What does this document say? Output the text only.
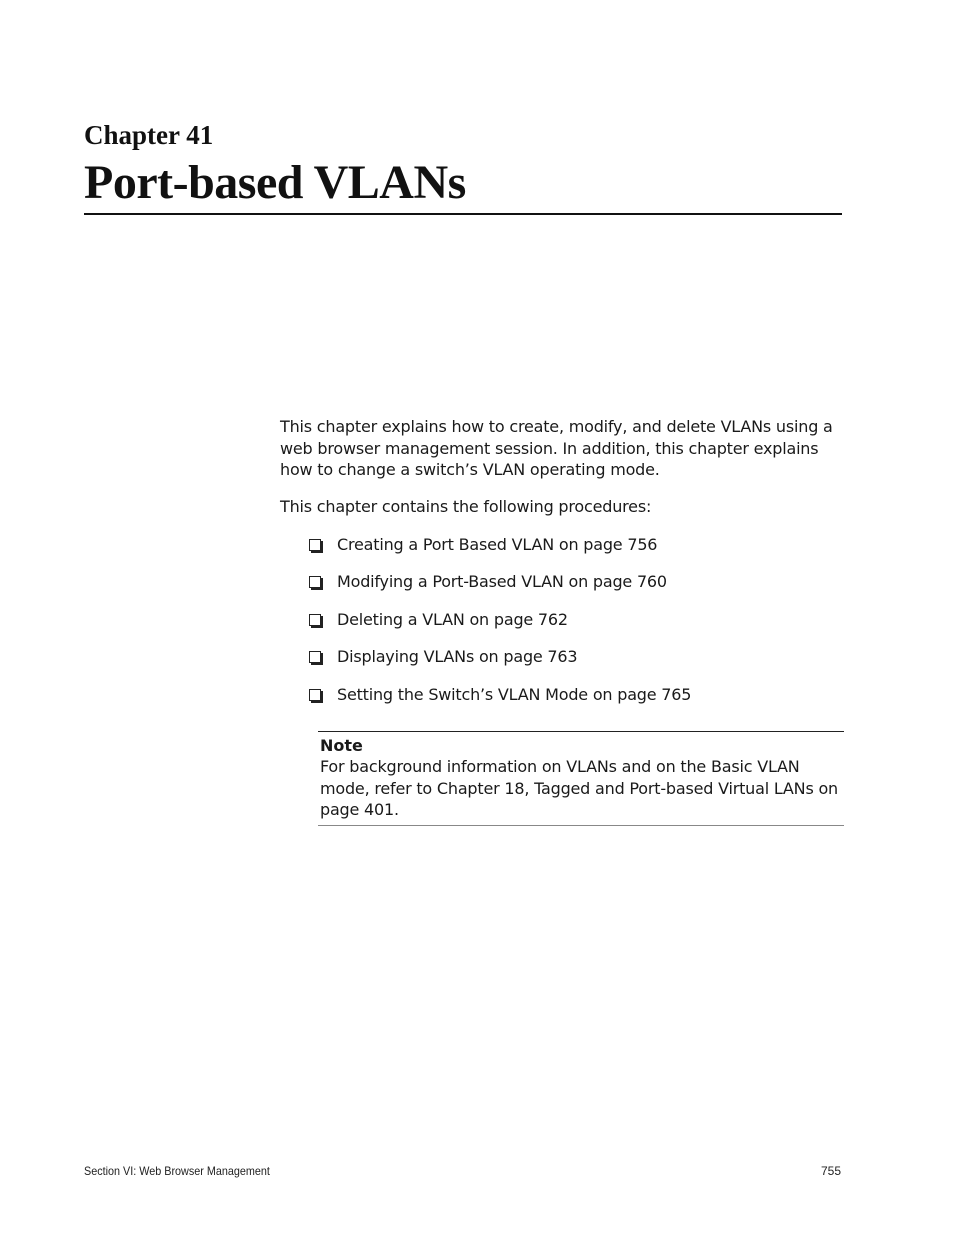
Chapter 41
Port-based VLANs

This chapter explains how to create, modify, and delete VLANs using a web browser management session. In addition, this chapter explains how to change a switch’s VLAN operating mode.

This chapter contains the following procedures:

Creating a Port Based VLAN on page 756
Modifying a Port-Based VLAN on page 760
Deleting a VLAN on page 762
Displaying VLANs on page 763
Setting the Switch’s VLAN Mode on page 765

Note

For background information on VLANs and on the Basic VLAN mode, refer to Chapter 18, Tagged and Port-based Virtual LANs on page 401.

Section VI: Web Browser Management	755
